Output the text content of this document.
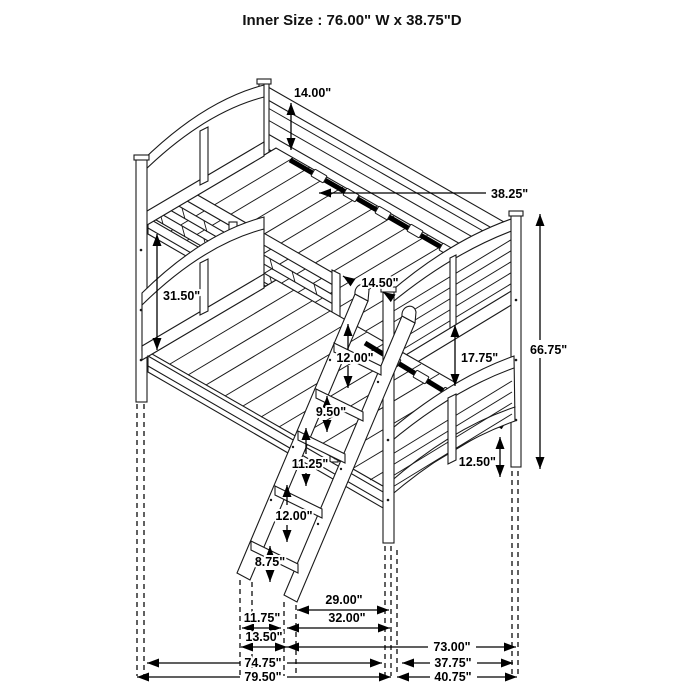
Inner Size : 76.00" W x 38.75"D
14.00"
38.25"
31.50"
14.50"
12.00"
9.50"
11.25"
12.00"
8.75"
17.75"
66.75"
12.50"
29.00"
11.75"	32.00"
13.50"
73.00"
74.75"	37.75"
79.50"	40.75"
